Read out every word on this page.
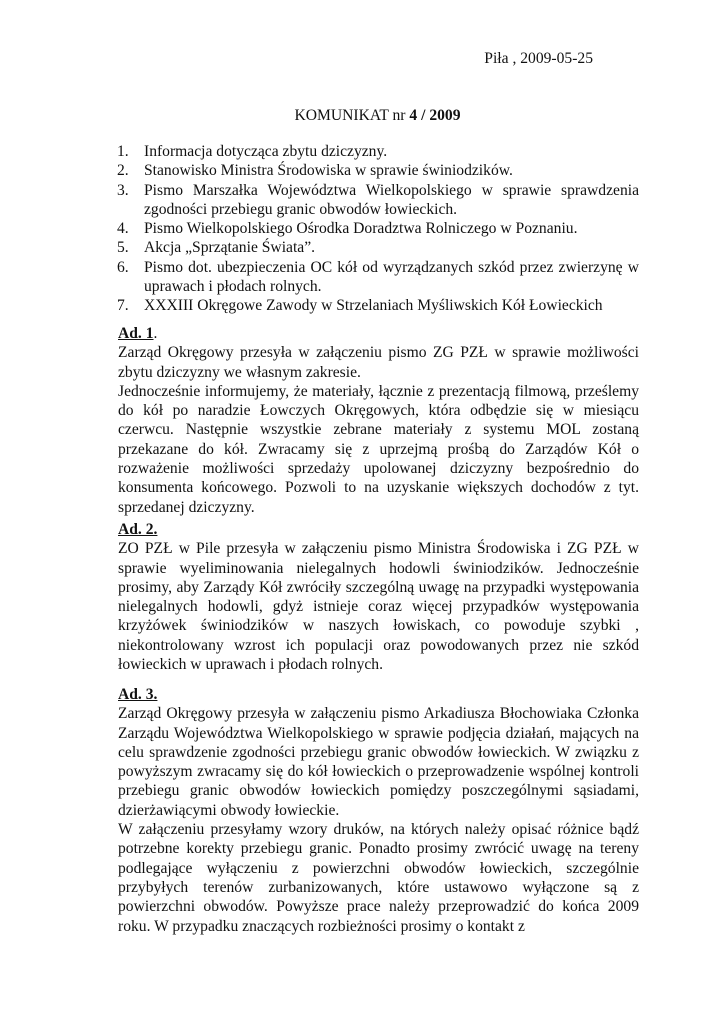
Piła , 2009-05-25
KOMUNIKAT nr 4 / 2009
1. Informacja dotycząca zbytu dziczyzny.
2. Stanowisko Ministra Środowiska w sprawie świniodzików.
3. Pismo Marszałka Województwa Wielkopolskiego w sprawie sprawdzenia zgodności przebiegu granic obwodów łowieckich.
4. Pismo Wielkopolskiego Ośrodka Doradztwa Rolniczego w Poznaniu.
5. Akcja „Sprzątanie Świata”.
6. Pismo dot. ubezpieczenia OC kół od wyrządzanych szkód przez zwierzynę w uprawach i płodach rolnych.
7. XXXIII Okręgowe Zawody w Strzelaniach Myśliwskich Kół Łowieckich
Ad. 1.

Zarząd Okręgowy przesyła w załączeniu pismo ZG PZŁ w sprawie możliwości zbytu dziczyzny we własnym zakresie.

Jednocześnie informujemy, że materiały, łącznie z prezentacją filmową, prześlemy do kół po naradzie Łowczych Okręgowych, która odbędzie się w miesiącu czerwcu. Następnie wszystkie zebrane materiały z systemu MOL zostaną przekazane do kół. Zwracamy się z uprzejmą prośbą do Zarządów Kół o rozważenie możliwości sprzedaży upolowanej dziczyzny bezpośrednio do konsumenta końcowego. Pozwoli to na uzyskanie większych dochodów z tyt. sprzedanej dziczyzny.

Ad. 2.

ZO PZŁ w Pile przesyła w załączeniu pismo Ministra Środowiska i ZG PZŁ w sprawie wyeliminowania nielegalnych hodowli świniodzików. Jednocześnie prosimy, aby Zarządy Kół zwróciły szczególną uwagę na przypadki występowania nielegalnych hodowli, gdyż istnieje coraz więcej przypadków występowania krzyżówek świniodzików w naszych łowiskach, co powoduje szybki , niekontrolowany wzrost ich populacji oraz powodowanych przez nie szkód łowieckich w uprawach i płodach rolnych.

Ad. 3.

Zarząd Okręgowy przesyła w załączeniu pismo Arkadiusza Błochowiaka Członka Zarządu Województwa Wielkopolskiego w sprawie podjęcia działań, mających na celu sprawdzenie zgodności przebiegu granic obwodów łowieckich. W związku z powyższym zwracamy się do kół łowieckich o przeprowadzenie wspólnej kontroli przebiegu granic obwodów łowieckich pomiędzy poszczególnymi sąsiadami, dzierżawiącymi obwody łowieckie.

W załączeniu przesyłamy wzory druków, na których należy opisać różnice bądź potrzebne korekty przebiegu granic. Ponadto prosimy zwrócić uwagę na tereny podlegające wyłączeniu z powierzchni obwodów łowieckich, szczególnie przybyłych terenów zurbanizowanych, które ustawowo wyłączone są z powierzchni obwodów. Powyższe prace należy przeprowadzić do końca 2009 roku. W przypadku znaczących rozbieżności prosimy o kontakt z
